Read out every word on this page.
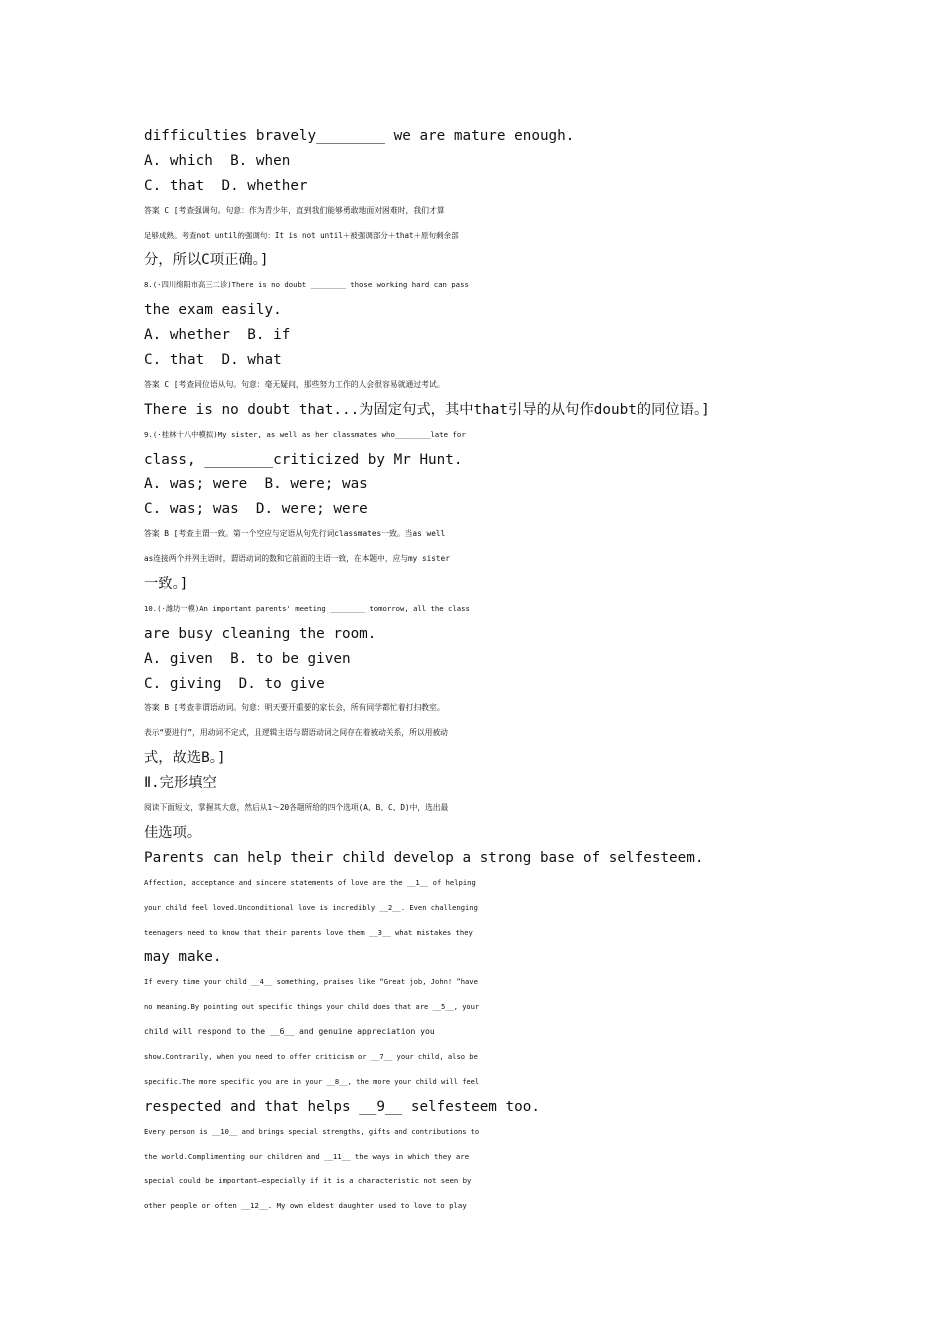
difficulties bravely________ we are mature enough.
A. which  B. when
C. that  D. whether
答案 C [考查强调句。句意：作为青少年，直到我们能够勇敢地面对困难时，我们才算
足够成熟。考查not until的强调句：It is not until＋被强调部分＋that＋原句剩余部
分，所以C项正确。]
8.(·四川绵阳市高三二诊)There is no doubt ________ those working hard can pass
the exam easily.
A. whether  B. if
C. that  D. what
答案 C [考查同位语从句。句意：毫无疑问，那些努力工作的人会很容易就通过考试。
There is no doubt that...为固定句式，其中that引导的从句作doubt的同位语。]
9.(·桂林十八中模拟)My sister, as well as her classmates who________late for
class, ________criticized by Mr Hunt.
A. was; were  B. were; was
C. was; was  D. were; were
答案 B [考查主谓一致。第一个空应与定语从句先行词classmates一致。当as well
as连接两个并列主语时，谓语动词的数和它前面的主语一致，在本题中，应与my sister
一致。]
10.(·潍坊一模)An important parents' meeting ________ tomorrow, all the class
are busy cleaning the room.
A. given  B. to be given
C. giving  D. to give
答案 B [考查非谓语动词。句意：明天要开重要的家长会，所有同学都忙着打扫教室。
表示“要进行”，用动词不定式，且逻辑主语与谓语动词之间存在着被动关系，所以用被动
式，故选B。]
Ⅱ.完形填空
阅读下面短文，掌握其大意，然后从1～20各题所给的四个选项(A、B、C、D)中，选出最
佳选项。
Parents can help their child develop a strong base of selfesteem.
Affection, acceptance and sincere statements of love are the __1__ of helping
your child feel loved.Unconditional love is incredibly __2__. Even challenging
teenagers need to know that their parents love them __3__ what mistakes they
may make.
If every time your child __4__ something, praises like “Great job, John! ”have
no meaning.By pointing out specific things your child does that are __5__, your
child will respond to the __6__ and genuine appreciation you
show.Contrarily, when you need to offer criticism or __7__ your child, also be
specific.The more specific you are in your __8__, the more your child will feel
respected and that helps __9__ selfesteem too.
Every person is __10__ and brings special strengths, gifts and contributions to
the world.Complimenting our children and __11__ the ways in which they are
special could be important—especially if it is a characteristic not seen by
other people or often __12__. My own eldest daughter used to love to play
